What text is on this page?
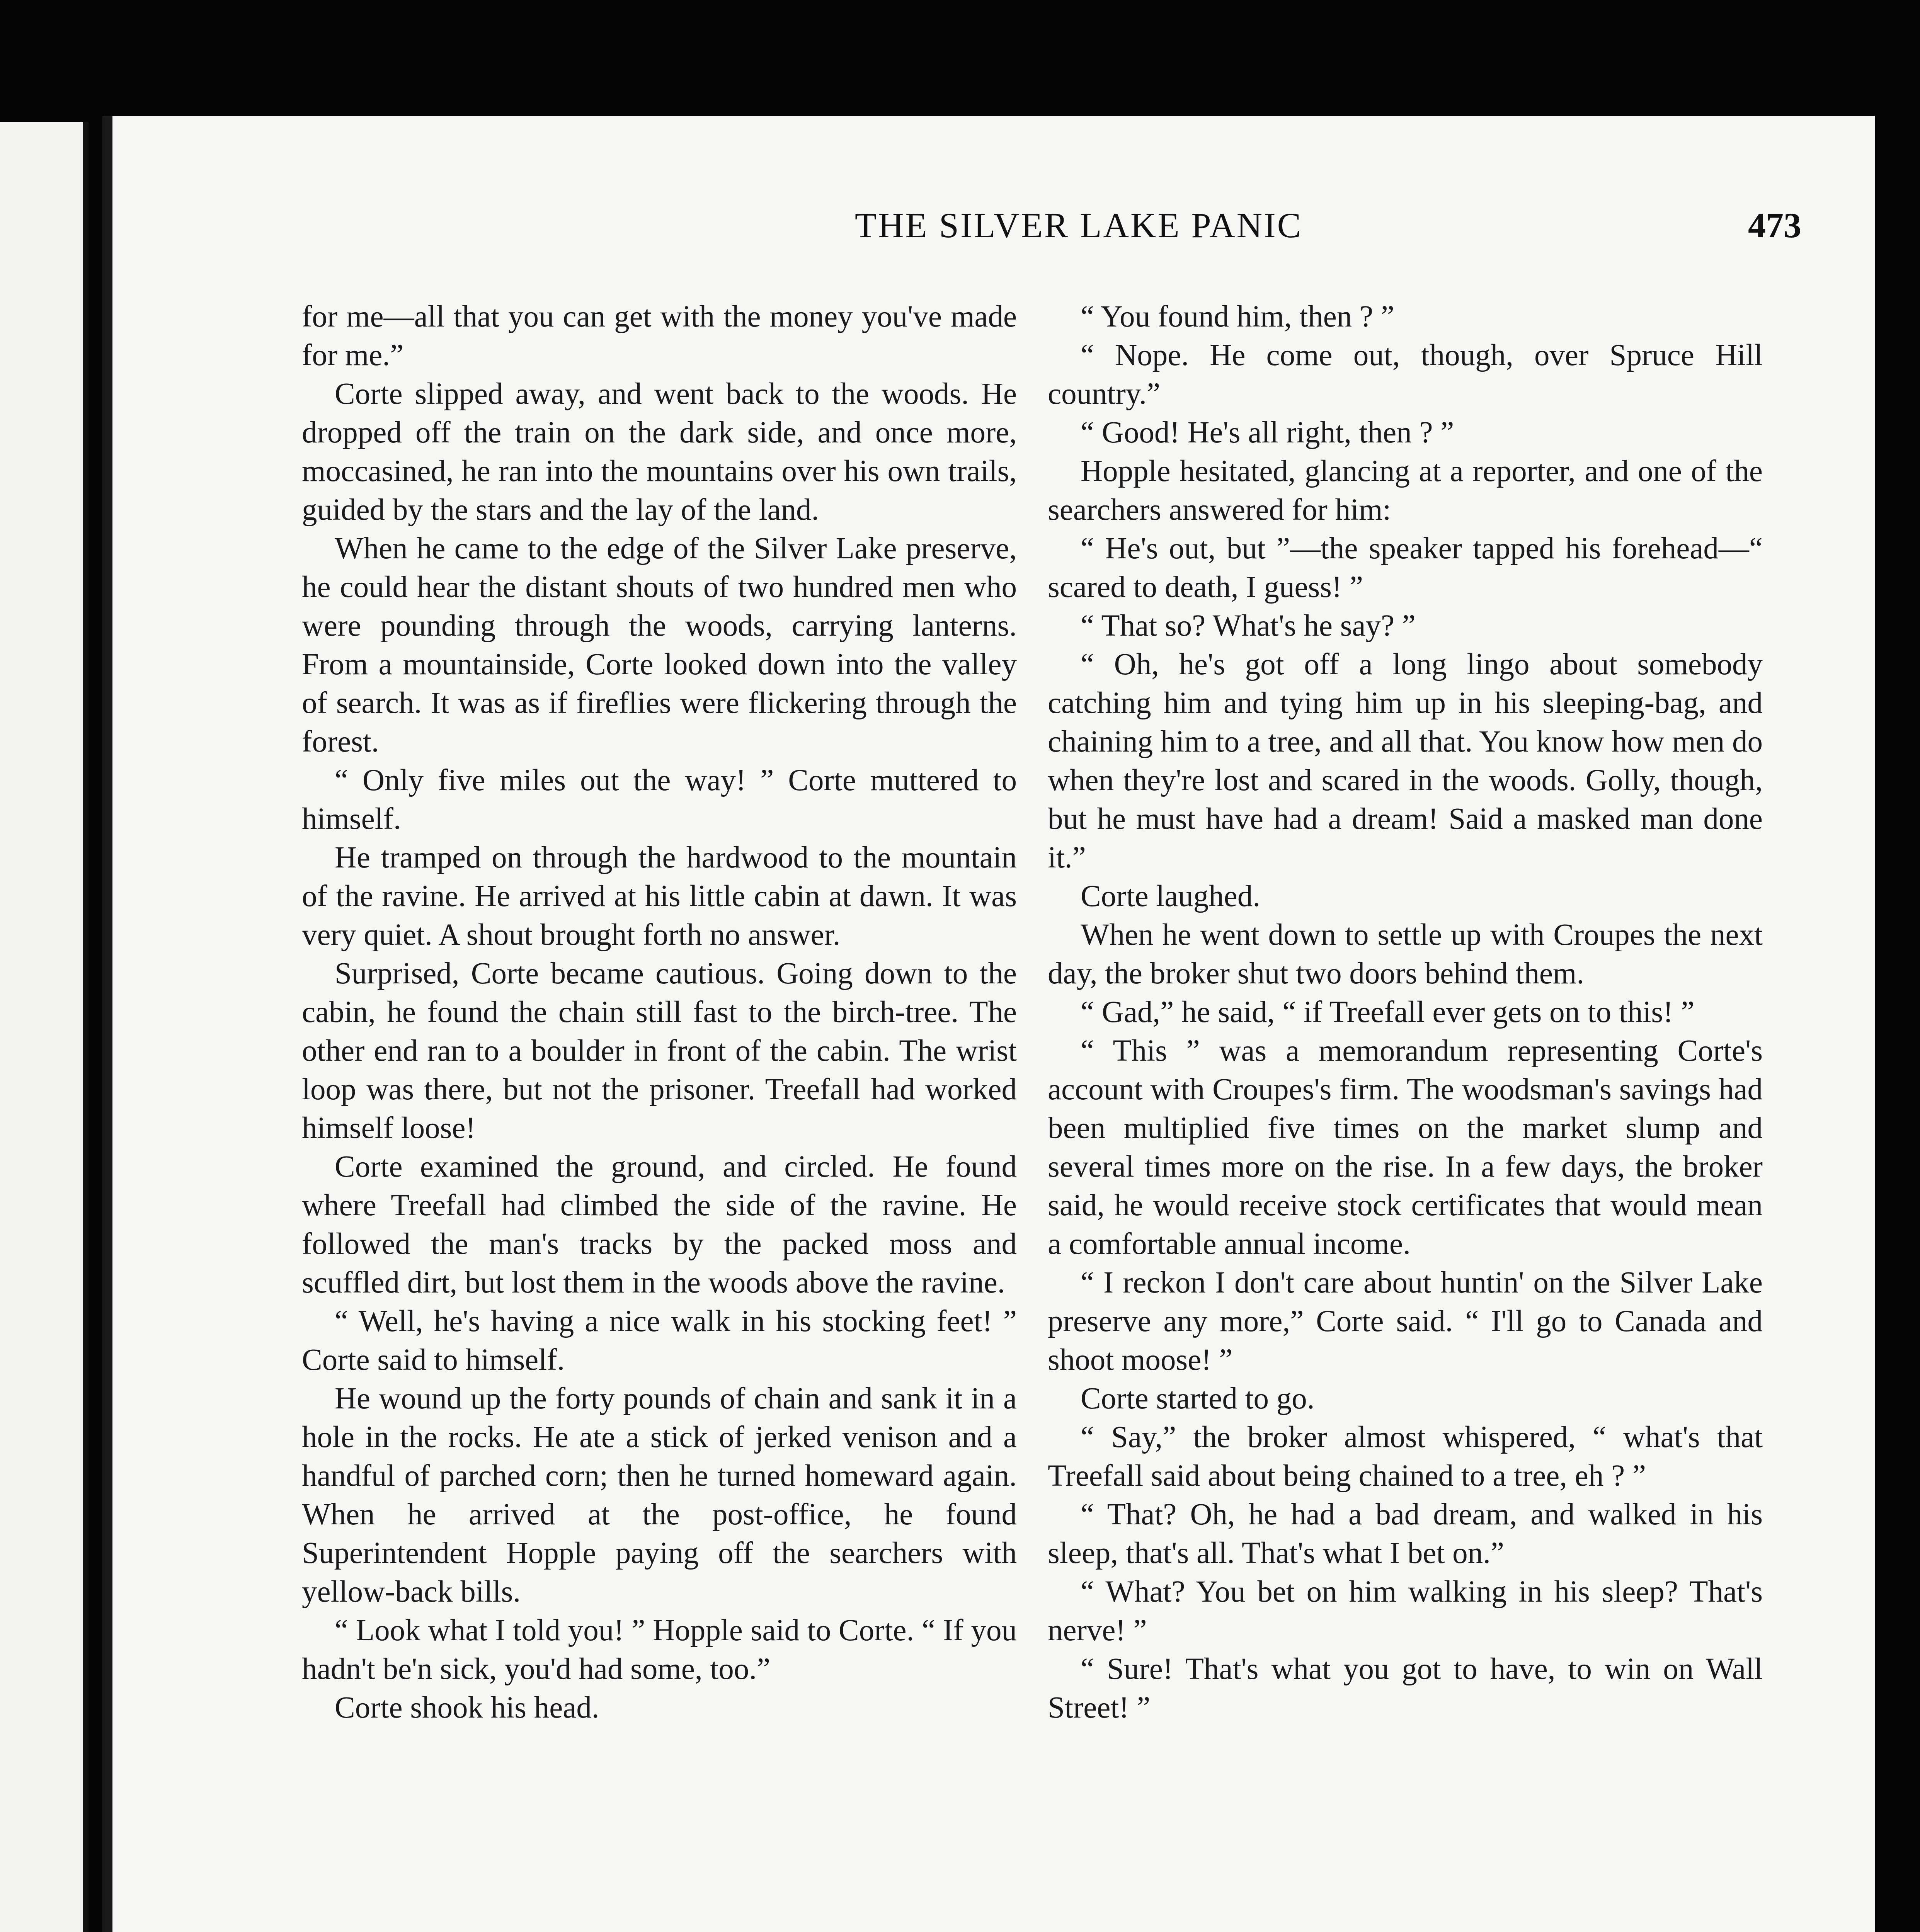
THE SILVER LAKE PANIC	473

for me—all that you can get with the money you've made for me.”

Corte slipped away, and went back to the woods. He dropped off the train on the dark side, and once more, moccasined, he ran into the mountains over his own trails, guided by the stars and the lay of the land.

When he came to the edge of the Silver Lake preserve, he could hear the distant shouts of two hundred men who were pounding through the woods, carrying lanterns. From a mountainside, Corte looked down into the valley of search. It was as if fireflies were flickering through the forest.

“ Only five miles out the way! ” Corte muttered to himself.

He tramped on through the hardwood to the mountain of the ravine. He arrived at his little cabin at dawn. It was very quiet. A shout brought forth no answer.

Surprised, Corte became cautious. Going down to the cabin, he found the chain still fast to the birch-tree. The other end ran to a boulder in front of the cabin. The wrist loop was there, but not the prisoner. Treefall had worked himself loose!

Corte examined the ground, and circled. He found where Treefall had climbed the side of the ravine. He followed the man's tracks by the packed moss and scuffled dirt, but lost them in the woods above the ravine.

“ Well, he's having a nice walk in his stocking feet! ” Corte said to himself.

He wound up the forty pounds of chain and sank it in a hole in the rocks. He ate a stick of jerked venison and a handful of parched corn; then he turned homeward again. When he arrived at the post-office, he found Superintendent Hopple paying off the searchers with yellow-back bills.

“ Look what I told you! ” Hopple said to Corte. “ If you hadn't be'n sick, you'd had some, too.”

Corte shook his head.

“ You found him, then ? ”

“ Nope. He come out, though, over Spruce Hill country.”

“ Good! He's all right, then ? ”

Hopple hesitated, glancing at a reporter, and one of the searchers answered for him:

“ He's out, but ”—the speaker tapped his forehead—“ scared to death, I guess! ”

“ That so? What's he say? ”

“ Oh, he's got off a long lingo about somebody catching him and tying him up in his sleeping-bag, and chaining him to a tree, and all that. You know how men do when they're lost and scared in the woods. Golly, though, but he must have had a dream! Said a masked man done it.”

Corte laughed.

When he went down to settle up with Croupes the next day, the broker shut two doors behind them.

“ Gad,” he said, “ if Treefall ever gets on to this! ”

“ This ” was a memorandum representing Corte's account with Croupes's firm. The woodsman's savings had been multiplied five times on the market slump and several times more on the rise. In a few days, the broker said, he would receive stock certificates that would mean a comfortable annual income.

“ I reckon I don't care about huntin' on the Silver Lake preserve any more,” Corte said. “ I'll go to Canada and shoot moose! ”

Corte started to go.

“ Say,” the broker almost whispered, “ what's that Treefall said about being chained to a tree, eh ? ”

“ That? Oh, he had a bad dream, and walked in his sleep, that's all. That's what I bet on.”

“ What? You bet on him walking in his sleep? That's nerve! ”

“ Sure! That's what you got to have, to win on Wall Street! ”
